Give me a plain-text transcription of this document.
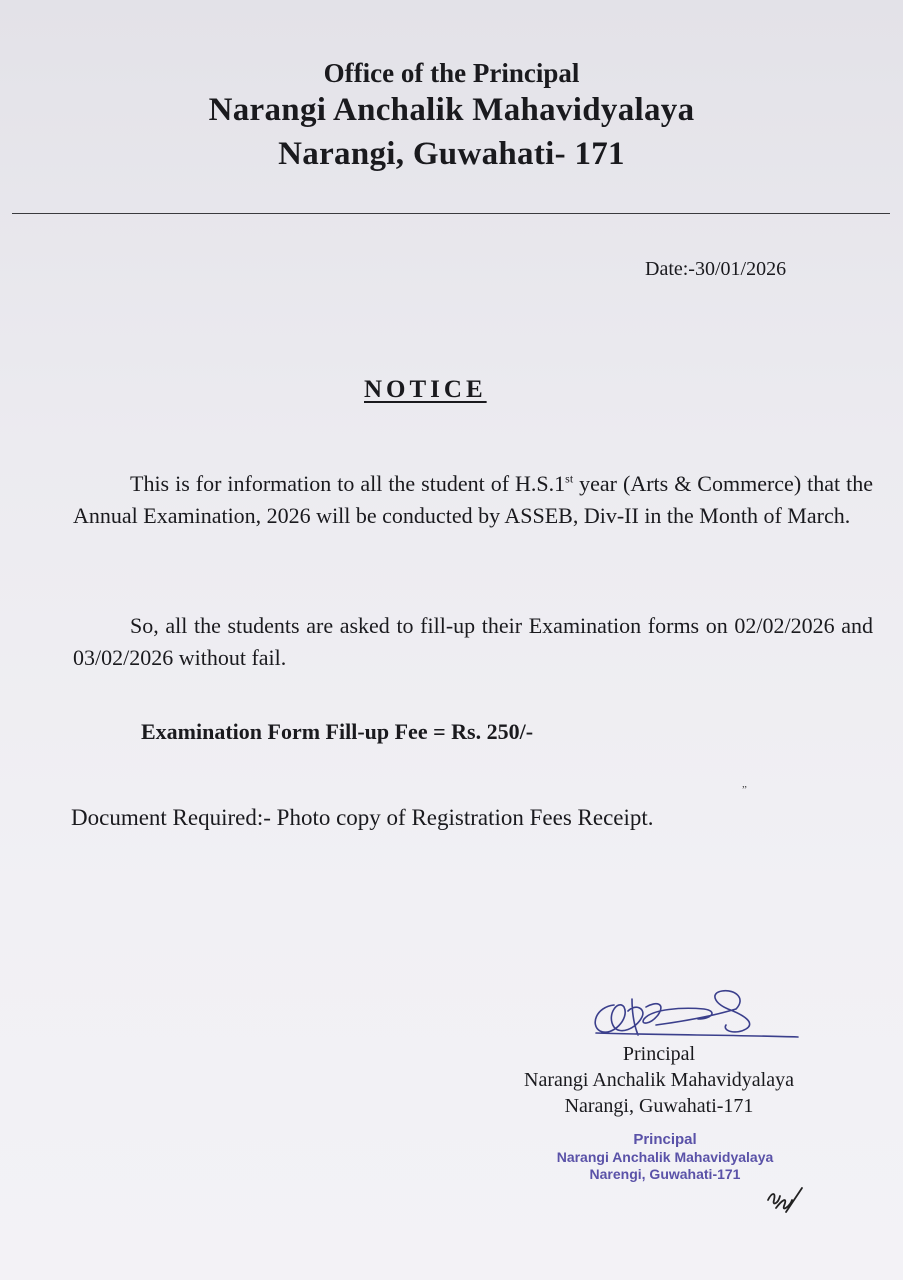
Office of the Principal
Narangi Anchalik Mahavidyalaya
Narangi, Guwahati- 171
Date:-30/01/2026
NOTICE
This is for information to all the student of H.S.1st year (Arts & Commerce) that the Annual Examination, 2026 will be conducted by ASSEB, Div-II in the Month of March.
So, all the students are asked to fill-up their Examination forms on 02/02/2026 and 03/02/2026 without fail.
Examination Form Fill-up Fee = Rs. 250/-
”
Document Required:- Photo copy of Registration Fees Receipt.
Principal
Narangi Anchalik Mahavidyalaya
Narangi, Guwahati-171
Principal
Narangi Anchalik Mahavidyalaya
Narengi, Guwahati-171
